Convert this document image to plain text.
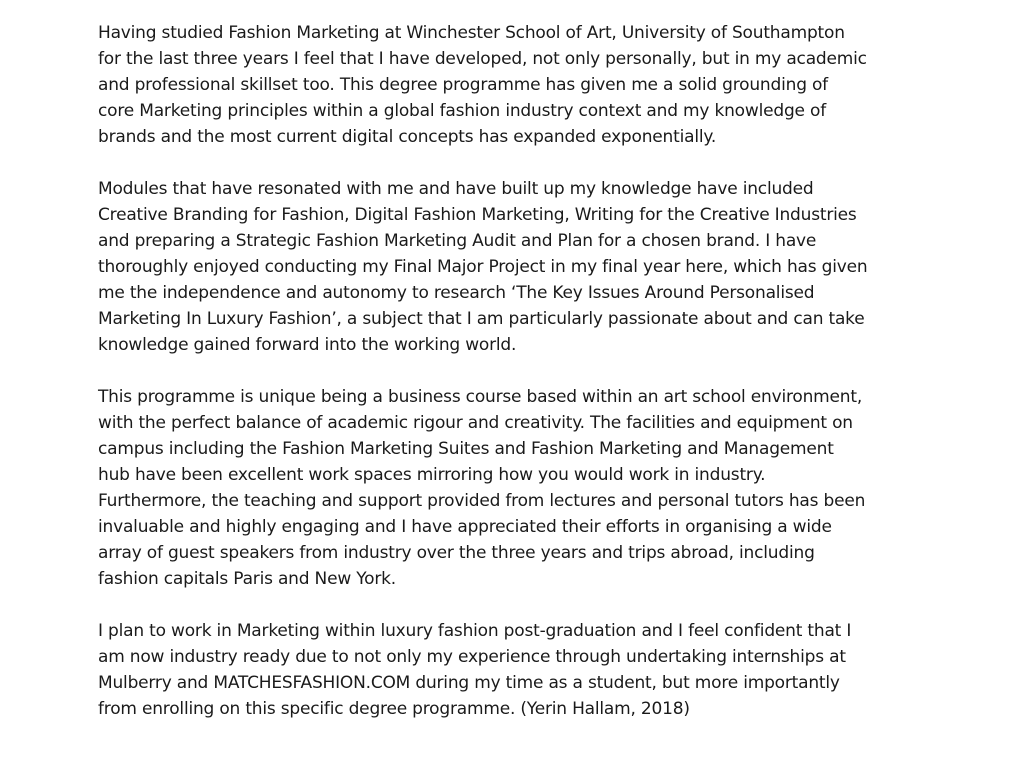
Having studied Fashion Marketing at Winchester School of Art, University of Southampton
for the last three years I feel that I have developed, not only personally, but in my academic
and professional skillset too. This degree programme has given me a solid grounding of
core Marketing principles within a global fashion industry context and my knowledge of
brands and the most current digital concepts has expanded exponentially.

Modules that have resonated with me and have built up my knowledge have included
Creative Branding for Fashion, Digital Fashion Marketing, Writing for the Creative Industries
and preparing a Strategic Fashion Marketing Audit and Plan for a chosen brand. I have
thoroughly enjoyed conducting my Final Major Project in my final year here, which has given
me the independence and autonomy to research ‘The Key Issues Around Personalised
Marketing In Luxury Fashion’, a subject that I am particularly passionate about and can take
knowledge gained forward into the working world.

This programme is unique being a business course based within an art school environment,
with the perfect balance of academic rigour and creativity. The facilities and equipment on
campus including the Fashion Marketing Suites and Fashion Marketing and Management
hub have been excellent work spaces mirroring how you would work in industry.
Furthermore, the teaching and support provided from lectures and personal tutors has been
invaluable and highly engaging and I have appreciated their efforts in organising a wide
array of guest speakers from industry over the three years and trips abroad, including
fashion capitals Paris and New York.

I plan to work in Marketing within luxury fashion post-graduation and I feel confident that I
am now industry ready due to not only my experience through undertaking internships at
Mulberry and MATCHESFASHION.COM during my time as a student, but more importantly
from enrolling on this specific degree programme. (Yerin Hallam, 2018)
